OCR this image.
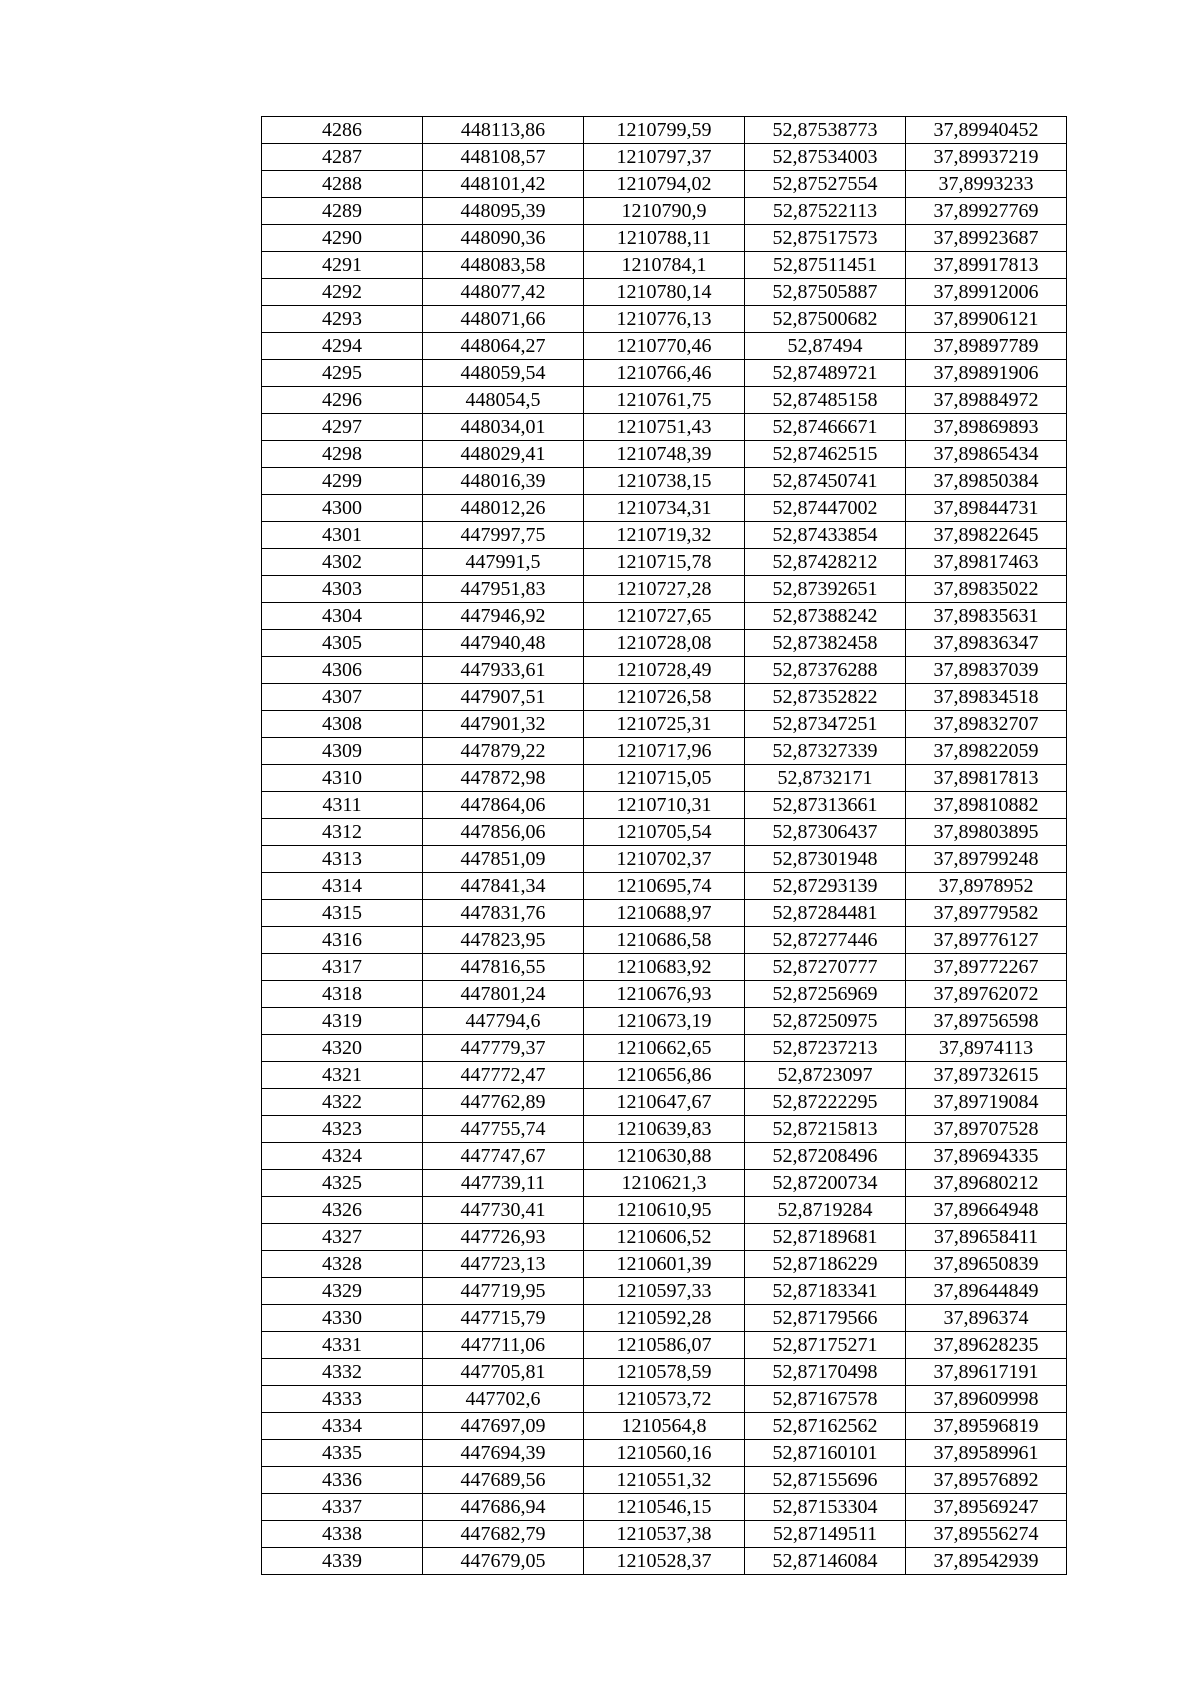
4286	448113,86	1210799,59	52,87538773	37,89940452
4287	448108,57	1210797,37	52,87534003	37,89937219
4288	448101,42	1210794,02	52,87527554	37,8993233
4289	448095,39	1210790,9	52,87522113	37,89927769
4290	448090,36	1210788,11	52,87517573	37,89923687
4291	448083,58	1210784,1	52,87511451	37,89917813
4292	448077,42	1210780,14	52,87505887	37,89912006
4293	448071,66	1210776,13	52,87500682	37,89906121
4294	448064,27	1210770,46	52,87494	37,89897789
4295	448059,54	1210766,46	52,87489721	37,89891906
4296	448054,5	1210761,75	52,87485158	37,89884972
4297	448034,01	1210751,43	52,87466671	37,89869893
4298	448029,41	1210748,39	52,87462515	37,89865434
4299	448016,39	1210738,15	52,87450741	37,89850384
4300	448012,26	1210734,31	52,87447002	37,89844731
4301	447997,75	1210719,32	52,87433854	37,89822645
4302	447991,5	1210715,78	52,87428212	37,89817463
4303	447951,83	1210727,28	52,87392651	37,89835022
4304	447946,92	1210727,65	52,87388242	37,89835631
4305	447940,48	1210728,08	52,87382458	37,89836347
4306	447933,61	1210728,49	52,87376288	37,89837039
4307	447907,51	1210726,58	52,87352822	37,89834518
4308	447901,32	1210725,31	52,87347251	37,89832707
4309	447879,22	1210717,96	52,87327339	37,89822059
4310	447872,98	1210715,05	52,8732171	37,89817813
4311	447864,06	1210710,31	52,87313661	37,89810882
4312	447856,06	1210705,54	52,87306437	37,89803895
4313	447851,09	1210702,37	52,87301948	37,89799248
4314	447841,34	1210695,74	52,87293139	37,8978952
4315	447831,76	1210688,97	52,87284481	37,89779582
4316	447823,95	1210686,58	52,87277446	37,89776127
4317	447816,55	1210683,92	52,87270777	37,89772267
4318	447801,24	1210676,93	52,87256969	37,89762072
4319	447794,6	1210673,19	52,87250975	37,89756598
4320	447779,37	1210662,65	52,87237213	37,8974113
4321	447772,47	1210656,86	52,8723097	37,89732615
4322	447762,89	1210647,67	52,87222295	37,89719084
4323	447755,74	1210639,83	52,87215813	37,89707528
4324	447747,67	1210630,88	52,87208496	37,89694335
4325	447739,11	1210621,3	52,87200734	37,89680212
4326	447730,41	1210610,95	52,8719284	37,89664948
4327	447726,93	1210606,52	52,87189681	37,89658411
4328	447723,13	1210601,39	52,87186229	37,89650839
4329	447719,95	1210597,33	52,87183341	37,89644849
4330	447715,79	1210592,28	52,87179566	37,896374
4331	447711,06	1210586,07	52,87175271	37,89628235
4332	447705,81	1210578,59	52,87170498	37,89617191
4333	447702,6	1210573,72	52,87167578	37,89609998
4334	447697,09	1210564,8	52,87162562	37,89596819
4335	447694,39	1210560,16	52,87160101	37,89589961
4336	447689,56	1210551,32	52,87155696	37,89576892
4337	447686,94	1210546,15	52,87153304	37,89569247
4338	447682,79	1210537,38	52,87149511	37,89556274
4339	447679,05	1210528,37	52,87146084	37,89542939
